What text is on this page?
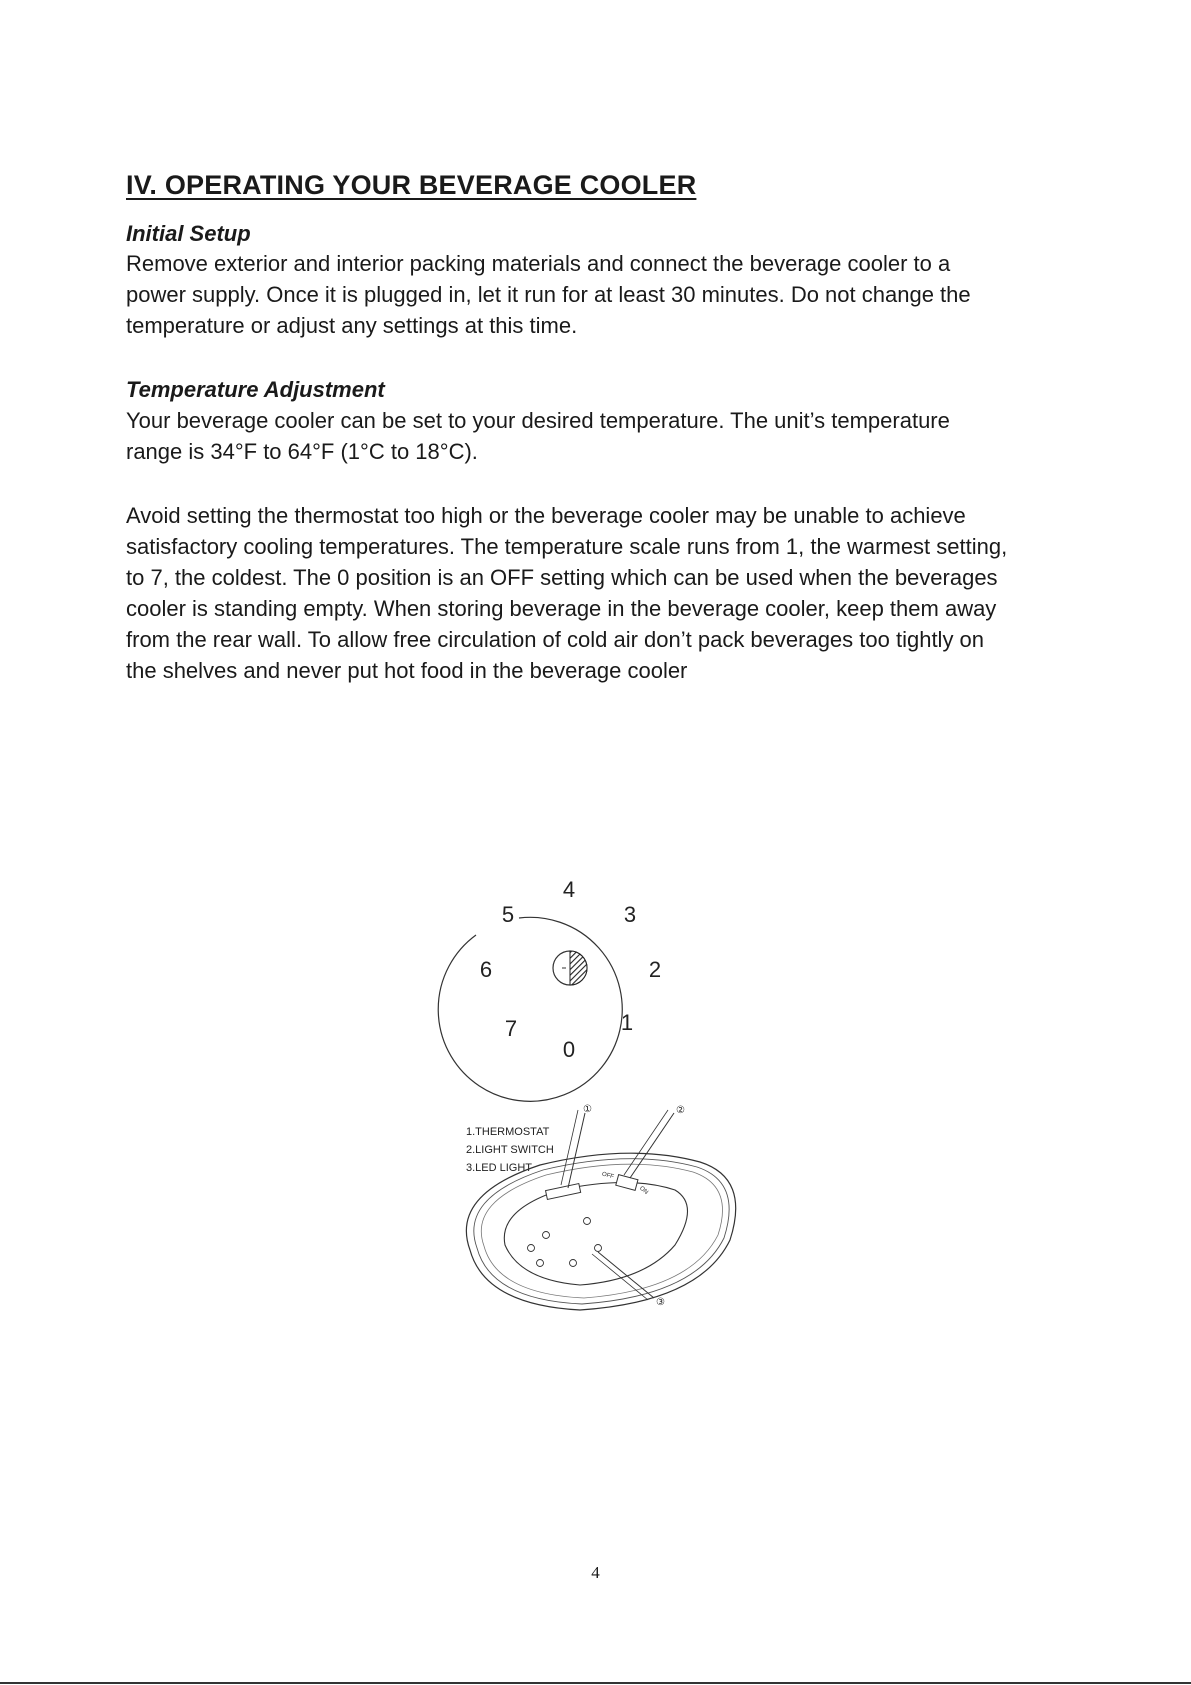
IV. OPERATING YOUR BEVERAGE COOLER
Initial Setup

Remove exterior and interior packing materials and connect the beverage cooler to a
power supply. Once it is plugged in, let it run for at least 30 minutes. Do not change the
temperature or adjust any settings at this time.

Temperature Adjustment

Your beverage cooler can be set to your desired temperature. The unit’s temperature
range is 34°F to 64°F (1°C to 18°C).

Avoid setting the thermostat too high or the beverage cooler may be unable to achieve
satisfactory cooling temperatures. The temperature scale runs from 1, the warmest setting,
to 7, the coldest. The 0 position is an OFF setting which can be used when the beverages
cooler is standing empty. When storing beverage in the beverage cooler, keep them away
from the rear wall. To allow free circulation of cold air don’t pack beverages too tightly on
the shelves and never put hot food in the beverage cooler

4
3
2
1
0
7
6
5
1.THERMOSTAT
2.LIGHT SWITCH
3.LED LIGHT
OFF
ON
①	②
③

4
